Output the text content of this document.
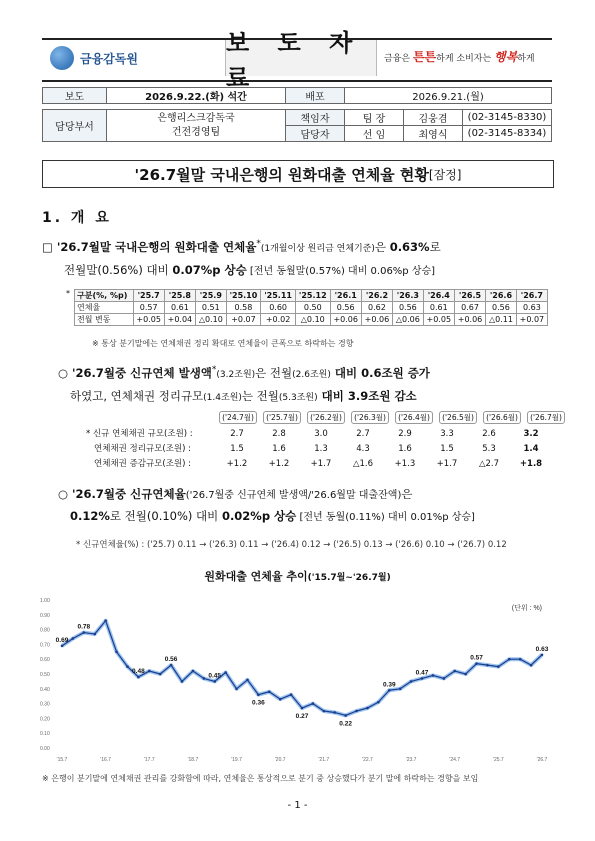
금융감독원
보 도 자 료
금융은 튼튼하게 소비자는 행복하게
보도	2026.9.22.(화) 석간	배포	2026.9.21.(월)
담당부서	은행리스크감독국
건전경영팀	책임자	팀 장	김웅겸	(02-3145-8330)
		담당자	선 임	최영식	(02-3145-8334)
'26.7월말 국내은행의 원화대출 연체율 현황 [잠정]
1. 개 요
□ '26.7월말 국내은행의 원화대출 연체율*(1개월이상 원리금 연체기준)은 0.63%로
전월말(0.56%) 대비 0.07%p 상승 [전년 동월말(0.57%) 대비 0.06%p 상승]
* 구분(%, %p)	'25.7	'25.8	'25.9	'25.10	'25.11	'25.12	'26.1	'26.2	'26.3	'26.4	'26.5	'26.6	'26.7
연체율	0.57	0.61	0.51	0.58	0.60	0.50	0.56	0.62	0.56	0.61	0.67	0.56	0.63
전월 변동	+0.05	+0.04	△0.10	+0.07	+0.02	△0.10	+0.06	+0.06	△0.06	+0.05	+0.06	△0.11	+0.07
※ 통상 분기말에는 연체채권 정리 확대로 연체율이 큰폭으로 하락하는 경향
○ '26.7월중 신규연체 발생액*(3.2조원)은 전월(2.6조원) 대비 0.6조원 증가
하였고, 연체채권 정리규모(1.4조원)는 전월(5.3조원) 대비 3.9조원 감소
('24.7월) ('25.7월) ('26.2월) ('26.3월) ('26.4월) ('26.5월) ('26.6월) ('26.7월)
* 신규 연체채권 규모(조원) :	2.7	2.8	3.0	2.7	2.9	3.3	2.6	3.2
연체채권 정리규모(조원) :	1.5	1.6	1.3	4.3	1.6	1.5	5.3	1.4
연체채권 증감규모(조원) :	+1.2	+1.2	+1.7	△1.6	+1.3	+1.7	△2.7 +1.8
○ '26.7월중 신규연체율('26.7월중 신규연체 발생액/'26.6월말 대출잔액)은
0.12%로 전월(0.10%) 대비 0.02%p 상승 [전년 동월(0.11%) 대비 0.01%p 상승]
* 신규연체율(%) : ('25.7) 0.11 → ('26.3) 0.11 → ('26.4) 0.12 → ('26.5) 0.13 → ('26.6) 0.10 → ('26.7) 0.12
원화대출 연체율 추이('15.7월~'26.7월)
(단위 : %)
1.00
0.90
0.80
0.70
0.60
0.50
0.40
0.30
0.20
0.10
0.00
'15.7	'16.7	'17.7	'18.7	'19.7	'20.7	'21.7	'22.7	'23.7	'24.7	'25.7	'26.7
0.69
0.78
0.48
0.56
0.45
0.36
0.27
0.22
0.39
0.47
0.57
0.63
※ 은행이 분기말에 연체채권 관리를 강화함에 따라, 연체율은 통상적으로 분기 중 상승했다가 분기 말에 하락하는 경향을 보임
- 1 -
